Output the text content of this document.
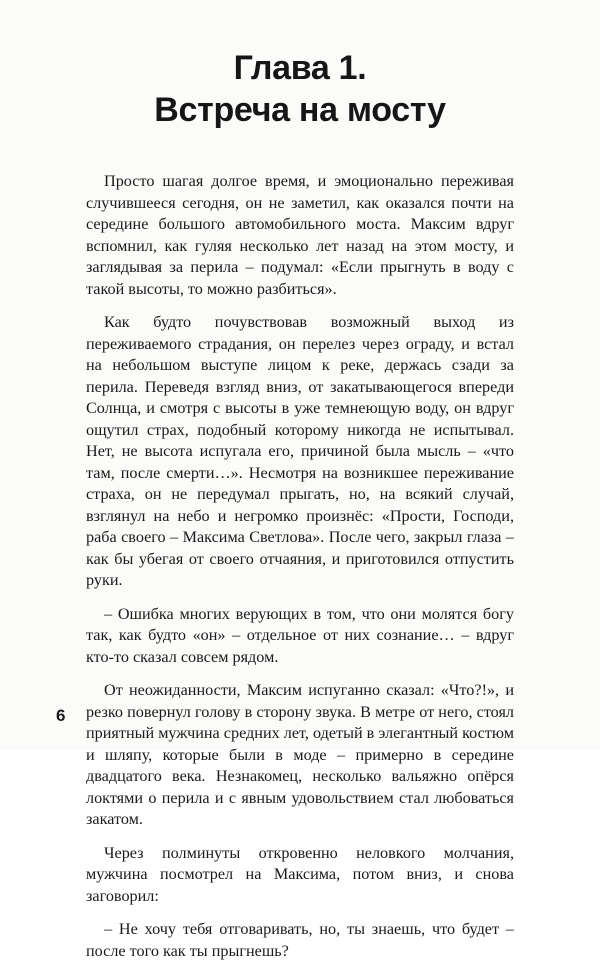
Глава 1.
Встреча на мосту

Просто шагая долгое время, и эмоционально переживая случившееся сегодня, он не заметил, как оказался почти на середине большого автомобильного моста. Максим вдруг вспомнил, как гуляя несколько лет назад на этом мосту, и заглядывая за перила – подумал: «Если прыгнуть в воду с такой высоты, то можно разбиться».

Как будто почувствовав возможный выход из переживаемого страдания, он перелез через ограду, и встал на небольшом выступе лицом к реке, держась сзади за перила. Переведя взгляд вниз, от закатывающегося впереди Солнца, и смотря с высоты в уже темнеющую воду, он вдруг ощутил страх, подобный которому никогда не испытывал. Нет, не высота испугала его, причиной была мысль – «что там, после смерти…». Несмотря на возникшее переживание страха, он не передумал прыгать, но, на всякий случай, взглянул на небо и негромко произнёс: «Прости, Господи, раба своего – Максима Светлова». После чего, закрыл глаза – как бы убегая от своего отчаяния, и приготовился отпустить руки.

– Ошибка многих верующих в том, что они молятся богу так, как будто «он» – отдельное от них сознание… – вдруг кто-то сказал совсем рядом.

От неожиданности, Максим испуганно сказал: «Что?!», и резко повернул голову в сторону звука. В метре от него, стоял приятный мужчина средних лет, одетый в элегантный костюм и шляпу, которые были в моде – примерно в середине двадцатого века. Незнакомец, несколько вальяжно опёрся локтями о перила и с явным удовольствием стал любоваться закатом.

Через полминуты откровенно неловкого молчания, мужчина посмотрел на Максима, потом вниз, и снова заговорил:

– Не хочу тебя отговаривать, но, ты знаешь, что будет – после того как ты прыгнешь?

6
